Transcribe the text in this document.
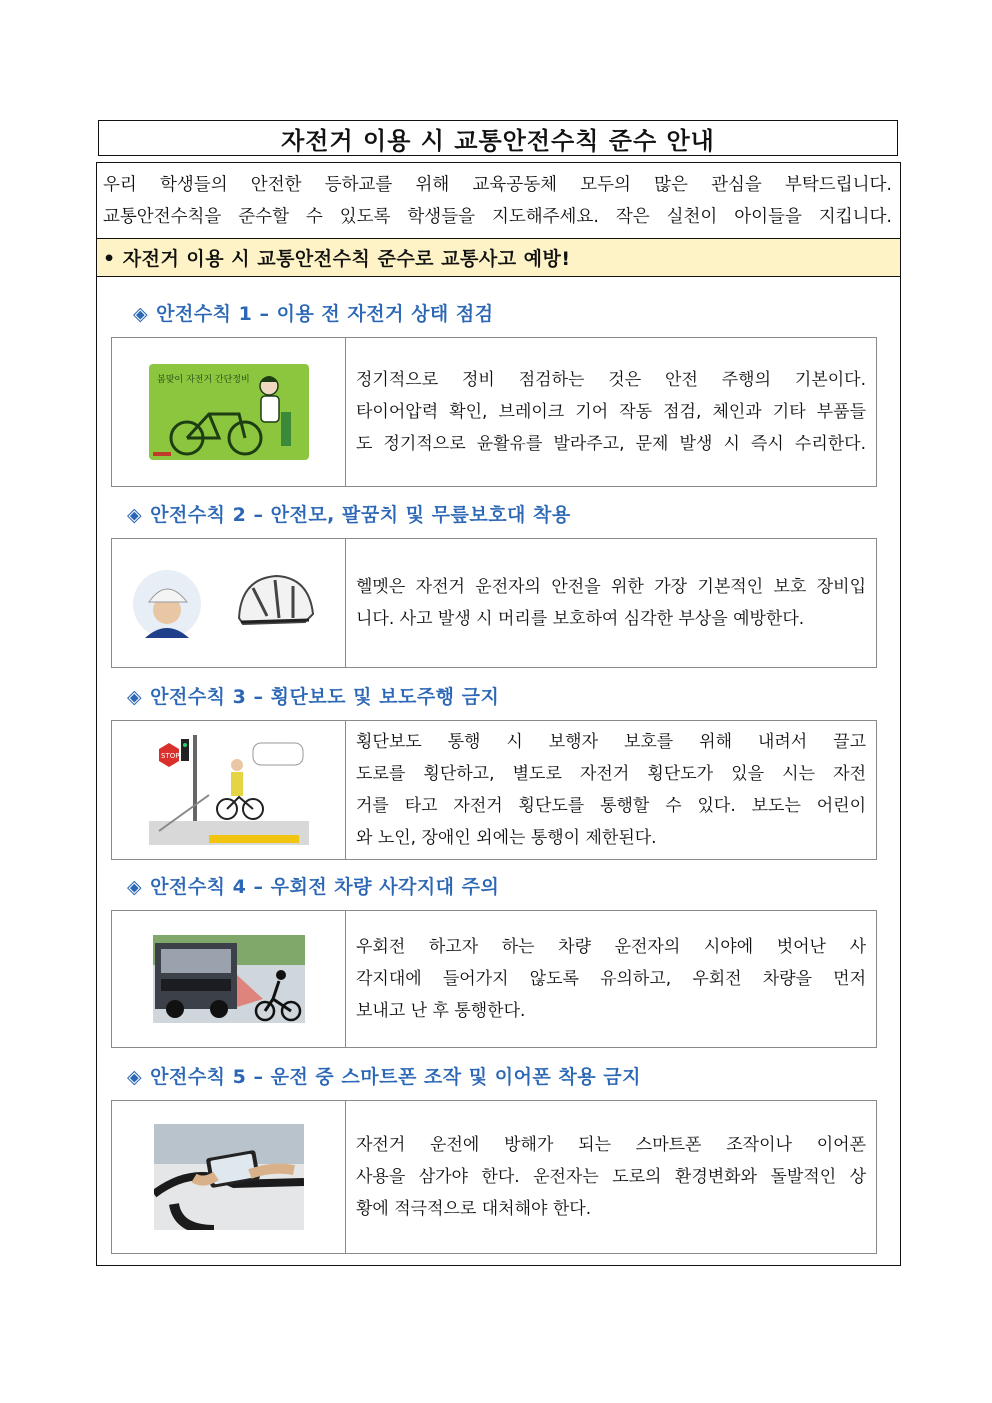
자전거 이용 시 교통안전수칙 준수 안내
우리 학생들의 안전한 등하교를 위해 교육공동체 모두의 많은 관심을 부탁드립니다.
교통안전수칙을 준수할 수 있도록 학생들을 지도해주세요. 작은 실천이 아이들을 지킵니다.
• 자전거 이용 시 교통안전수칙 준수로 교통사고 예방!
◈ 안전수칙 1 – 이용 전 자전거 상태 점검
봄맞이 자전거 간단정비	정기적으로 정비 점검하는 것은 안전 주행의 기본이다.
타이어압력 확인, 브레이크 기어 작동 점검, 체인과 기타 부품들
도 정기적으로 윤활유를 발라주고, 문제 발생 시 즉시 수리한다.
◈ 안전수칙 2 – 안전모, 팔꿈치 및 무릎보호대 착용
헬멧은 자전거 운전자의 안전을 위한 가장 기본적인 보호 장비입
니다. 사고 발생 시 머리를 보호하여 심각한 부상을 예방한다.
◈ 안전수칙 3 – 횡단보도 및 보도주행 금지
STOP
횡단보도 통행 시 보행자 보호를 위해 내려서 끌고
도로를 횡단하고, 별도로 자전거 횡단도가 있을 시는 자전
거를 타고 자전거 횡단도를 통행할 수 있다. 보도는 어린이
와 노인, 장애인 외에는 통행이 제한된다.
◈ 안전수칙 4 – 우회전 차량 사각지대 주의
우회전 하고자 하는 차량 운전자의 시야에 벗어난 사
각지대에 들어가지 않도록 유의하고, 우회전 차량을 먼저
보내고 난 후 통행한다.
◈ 안전수칙 5 – 운전 중 스마트폰 조작 및 이어폰 착용 금지
자전거 운전에 방해가 되는 스마트폰 조작이나 이어폰
사용을 삼가야 한다. 운전자는 도로의 환경변화와 돌발적인 상
황에 적극적으로 대처해야 한다.
